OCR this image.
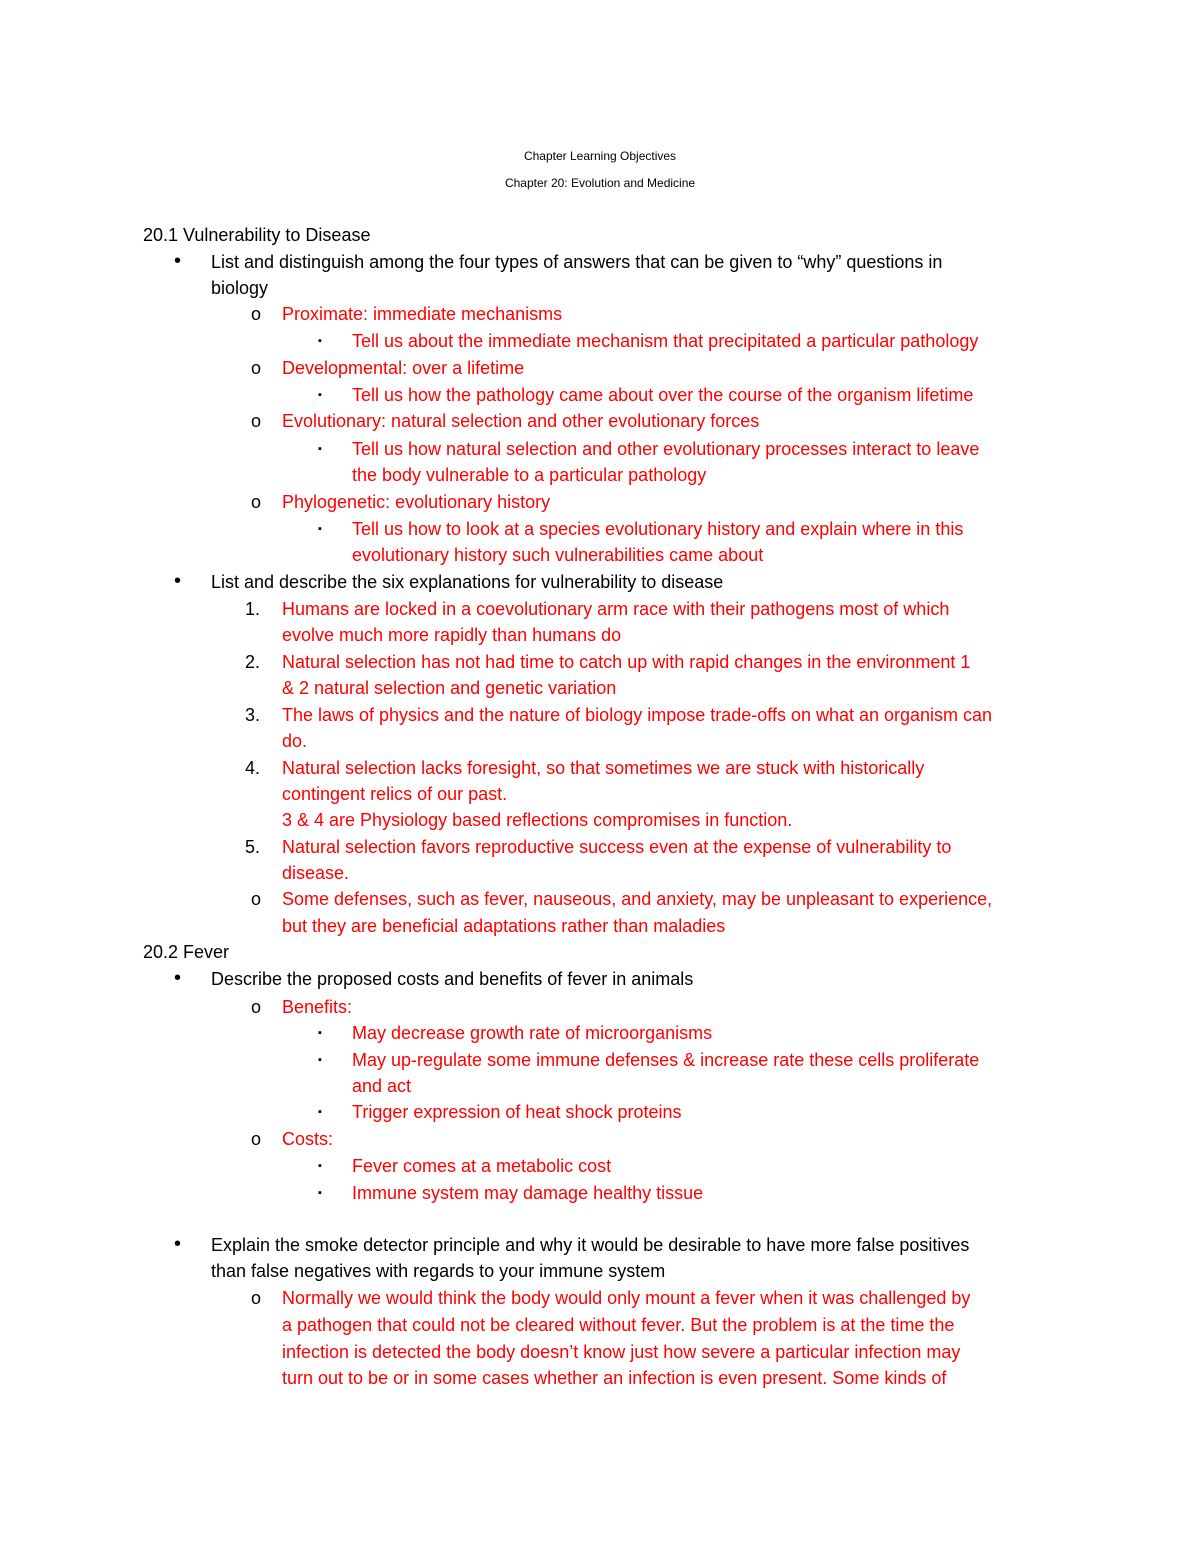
Chapter Learning Objectives
Chapter 20: Evolution and Medicine
20.1 Vulnerability to Disease
• List and distinguish among the four types of answers that can be given to “why” questions in
biology
o Proximate: immediate mechanisms
▪ Tell us about the immediate mechanism that precipitated a particular pathology
o Developmental: over a lifetime
▪ Tell us how the pathology came about over the course of the organism lifetime
o Evolutionary: natural selection and other evolutionary forces
▪ Tell us how natural selection and other evolutionary processes interact to leave
the body vulnerable to a particular pathology
o Phylogenetic: evolutionary history
▪ Tell us how to look at a species evolutionary history and explain where in this
evolutionary history such vulnerabilities came about
• List and describe the six explanations for vulnerability to disease
1. Humans are locked in a coevolutionary arm race with their pathogens most of which
evolve much more rapidly than humans do
2. Natural selection has not had time to catch up with rapid changes in the environment 1
& 2 natural selection and genetic variation
3. The laws of physics and the nature of biology impose trade-offs on what an organism can
do.
4. Natural selection lacks foresight, so that sometimes we are stuck with historically
contingent relics of our past.
3 & 4 are Physiology based reflections compromises in function.
5. Natural selection favors reproductive success even at the expense of vulnerability to
disease.
o Some defenses, such as fever, nauseous, and anxiety, may be unpleasant to experience,
but they are beneficial adaptations rather than maladies
20.2 Fever
• Describe the proposed costs and benefits of fever in animals
o Benefits:
▪ May decrease growth rate of microorganisms
▪ May up-regulate some immune defenses & increase rate these cells proliferate
and act
▪ Trigger expression of heat shock proteins
o Costs:
▪ Fever comes at a metabolic cost
▪ Immune system may damage healthy tissue
• Explain the smoke detector principle and why it would be desirable to have more false positives
than false negatives with regards to your immune system
o Normally we would think the body would only mount a fever when it was challenged by
a pathogen that could not be cleared without fever. But the problem is at the time the
infection is detected the body doesn’t know just how severe a particular infection may
turn out to be or in some cases whether an infection is even present. Some kinds of
